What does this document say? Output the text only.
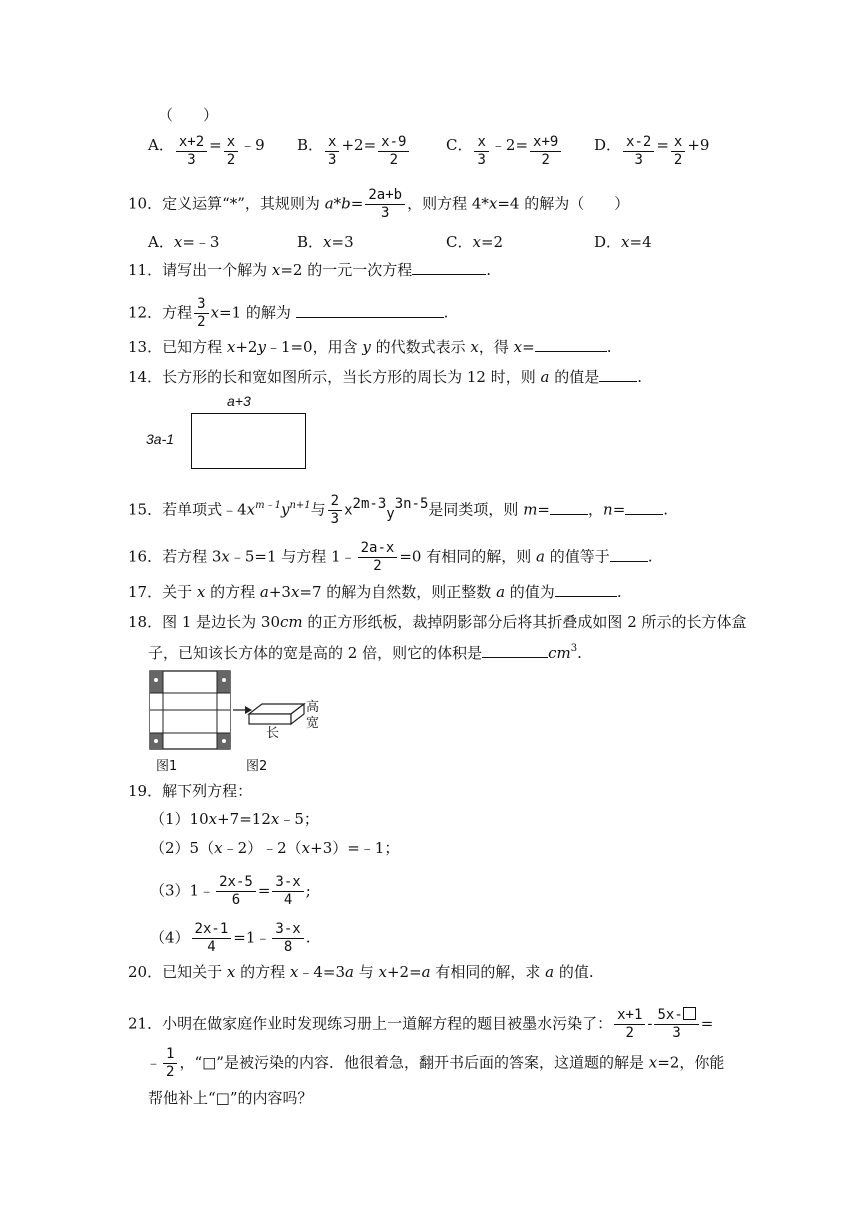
（　　）
A． $\frac{x+2}{3} = \frac{x}{2}$ ﹣9 B． $\frac{x}{3} +2= \frac{x-9}{2}$ C． $\frac{x}{3}$ ﹣2= $\frac{x+9}{2}$ D． $\frac{x-2}{3} = \frac{x}{2} +9$
10．定义运算“*”，其规则为 $a*b= \frac{2a+b}{3}$ ，则方程 4*x=4 的解为（　　）
A．x=﹣3	B．x=3	C．x=2	D．x=4
11．请写出一个解为 x=2 的一元一次方程	.
12．方程 $\frac{3}{2} x=1$ 的解为	.
13．已知方程 x+2y﹣1=0，用含 y 的代数式表示 x，得 x=	.
14．长方形的长和宽如图所示，当长方形的周长为 12 时，则 a 的值是	.
a+3
3a-1
15．若单项式$﹣4x^{m﹣1}y^{n+1}$与 $\frac{2}{3} x2m-3y3n-5$是同类项，则 m=	，n=	.
16．若方程 3x﹣5=1 与方程 1﹣ $\frac{2a-x}{2} =0$ 有相同的解，则 a 的值等于	.
17．关于 x 的方程 a+3x=7 的解为自然数，则正整数 a 的值为	.
18．图 1 是边长为 30cm 的正方形纸板，裁掉阴影部分后将其折叠成如图 2 所示的长方体盒
子，已知该长方体的宽是高的 2 倍，则它的体积是	$cm^3$.
高
宽
长
图1	图2
19．解下列方程：
（1）10x+7=12x﹣5；
（2）5（x﹣2）﹣2（x+3）=﹣1；
（3）1﹣ $\frac{2x-5}{6} = \frac{3-x}{4}$ ;
$(4) \frac{2x-1}{4}$ =1﹣ $\frac{3-x}{8}$ .
20．已知关于 x 的方程 x﹣4=3a 与 x+2=a 有相同的解，求 a 的值.
21．小明在做家庭作业时发现练习册上一道解方程的题目被墨水污染了： $\frac{x+1}{2} - \frac{5x-}{3}$ =
﹣ $\frac{1}{2}$ ，“□”是被污染的内容．他很着急，翻开书后面的答案，这道题的解是 x=2，你能
帮他补上“□”的内容吗？
